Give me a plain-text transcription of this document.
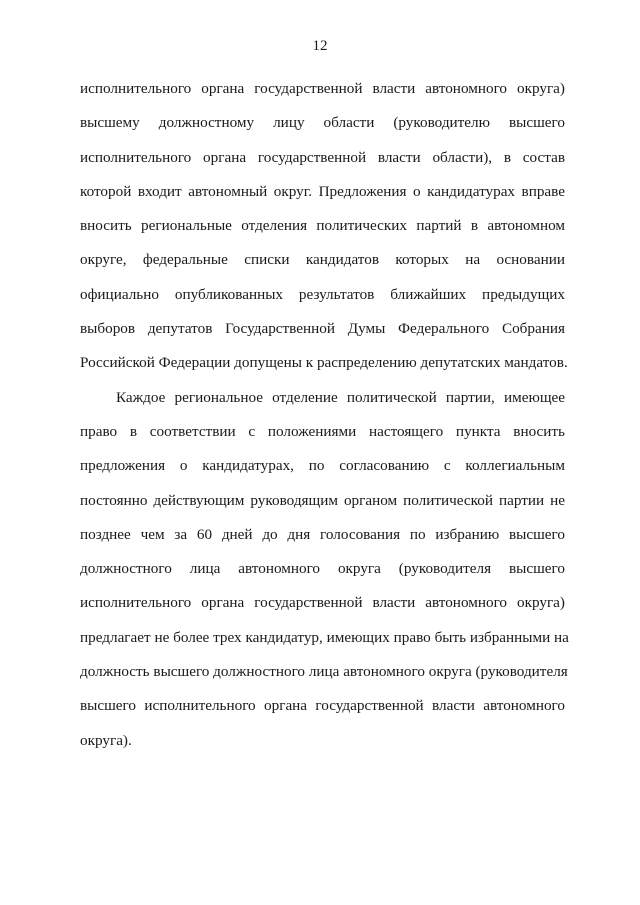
12
исполнительного органа государственной власти автономного округа)
высшему должностному лицу области (руководителю высшего
исполнительного органа государственной власти области), в состав
которой входит автономный округ. Предложения о кандидатурах вправе
вносить региональные отделения политических партий в автономном
округе, федеральные списки кандидатов которых на основании
официально опубликованных результатов ближайших предыдущих
выборов депутатов Государственной Думы Федерального Собрания
Российской Федерации допущены к распределению депутатских мандатов.
Каждое региональное отделение политической партии, имеющее
право в соответствии с положениями настоящего пункта вносить
предложения о кандидатурах, по согласованию с коллегиальным
постоянно действующим руководящим органом политической партии не
позднее чем за 60 дней до дня голосования по избранию высшего
должностного лица автономного округа (руководителя высшего
исполнительного органа государственной власти автономного округа)
предлагает не более трех кандидатур, имеющих право быть избранными на
должность высшего должностного лица автономного округа (руководителя
высшего исполнительного органа государственной власти автономного
округа).
